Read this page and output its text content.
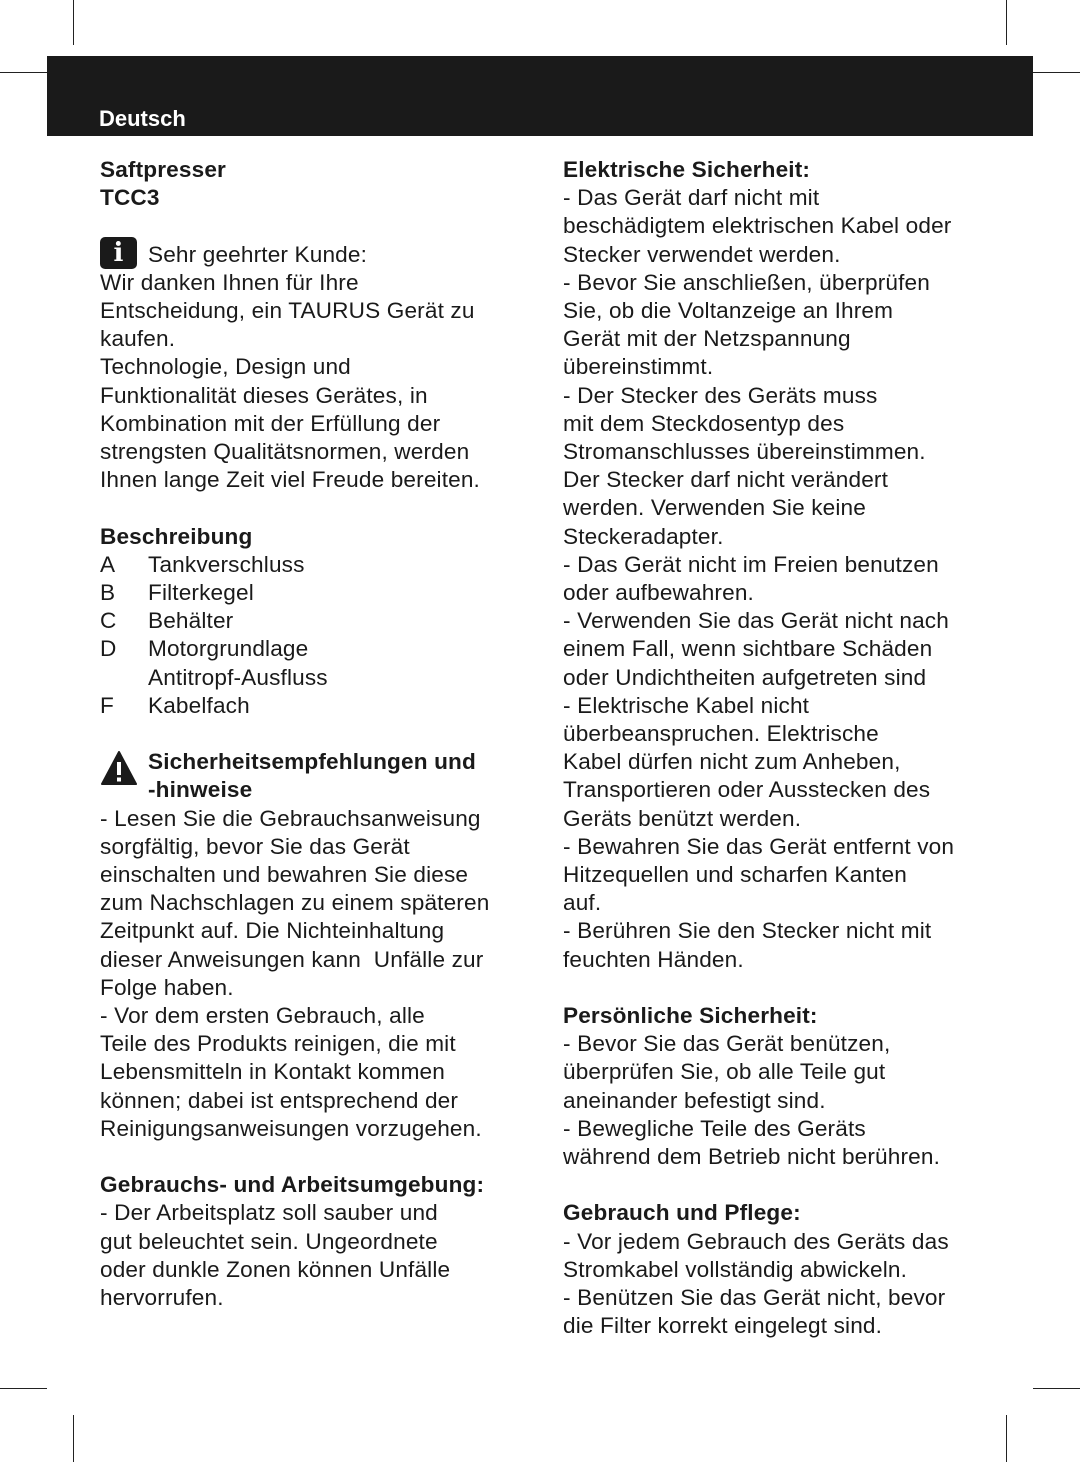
Deutsch

Saftpresser

TCC3

i	Sehr geehrter Kunde:

Wir danken Ihnen für Ihre

Entscheidung, ein TAURUS Gerät zu

kaufen.

Technologie, Design und

Funktionalität dieses Gerätes, in

Kombination mit der Erfüllung der

strengsten Qualitätsnormen, werden

Ihnen lange Zeit viel Freude bereiten.

Beschreibung

A	Tankverschluss
B	Filterkegel
C	Behälter
D	Motorgrundlage
Antitropf-Ausfluss
F	Kabelfach

Sicherheitsempfehlungen und

-hinweise

- Lesen Sie die Gebrauchsanweisung

sorgfältig, bevor Sie das Gerät

einschalten und bewahren Sie diese

zum Nachschlagen zu einem späteren

Zeitpunkt auf. Die Nichteinhaltung

dieser Anweisungen kann  Unfälle zur

Folge haben.

- Vor dem ersten Gebrauch, alle

Teile des Produkts reinigen, die mit

Lebensmitteln in Kontakt kommen

können; dabei ist entsprechend der

Reinigungsanweisungen vorzugehen.

Gebrauchs- und Arbeitsumgebung:

- Der Arbeitsplatz soll sauber und

gut beleuchtet sein. Ungeordnete

oder dunkle Zonen können Unfälle

hervorrufen.

Elektrische Sicherheit:

- Das Gerät darf nicht mit

beschädigtem elektrischen Kabel oder

Stecker verwendet werden.

- Bevor Sie anschließen, überprüfen

Sie, ob die Voltanzeige an Ihrem

Gerät mit der Netzspannung

übereinstimmt.

- Der Stecker des Geräts muss

mit dem Steckdosentyp des

Stromanschlusses übereinstimmen.

Der Stecker darf nicht verändert

werden. Verwenden Sie keine

Steckeradapter.

- Das Gerät nicht im Freien benutzen

oder aufbewahren.

- Verwenden Sie das Gerät nicht nach

einem Fall, wenn sichtbare Schäden

oder Undichtheiten aufgetreten sind

- Elektrische Kabel nicht

überbeanspruchen. Elektrische

Kabel dürfen nicht zum Anheben,

Transportieren oder Ausstecken des

Geräts benützt werden.

- Bewahren Sie das Gerät entfernt von

Hitzequellen und scharfen Kanten

auf.

- Berühren Sie den Stecker nicht mit

feuchten Händen.

Persönliche Sicherheit:

- Bevor Sie das Gerät benützen,

überprüfen Sie, ob alle Teile gut

aneinander befestigt sind.

- Bewegliche Teile des Geräts

während dem Betrieb nicht berühren.

Gebrauch und Pflege:

- Vor jedem Gebrauch des Geräts das

Stromkabel vollständig abwickeln.

- Benützen Sie das Gerät nicht, bevor

die Filter korrekt eingelegt sind.
